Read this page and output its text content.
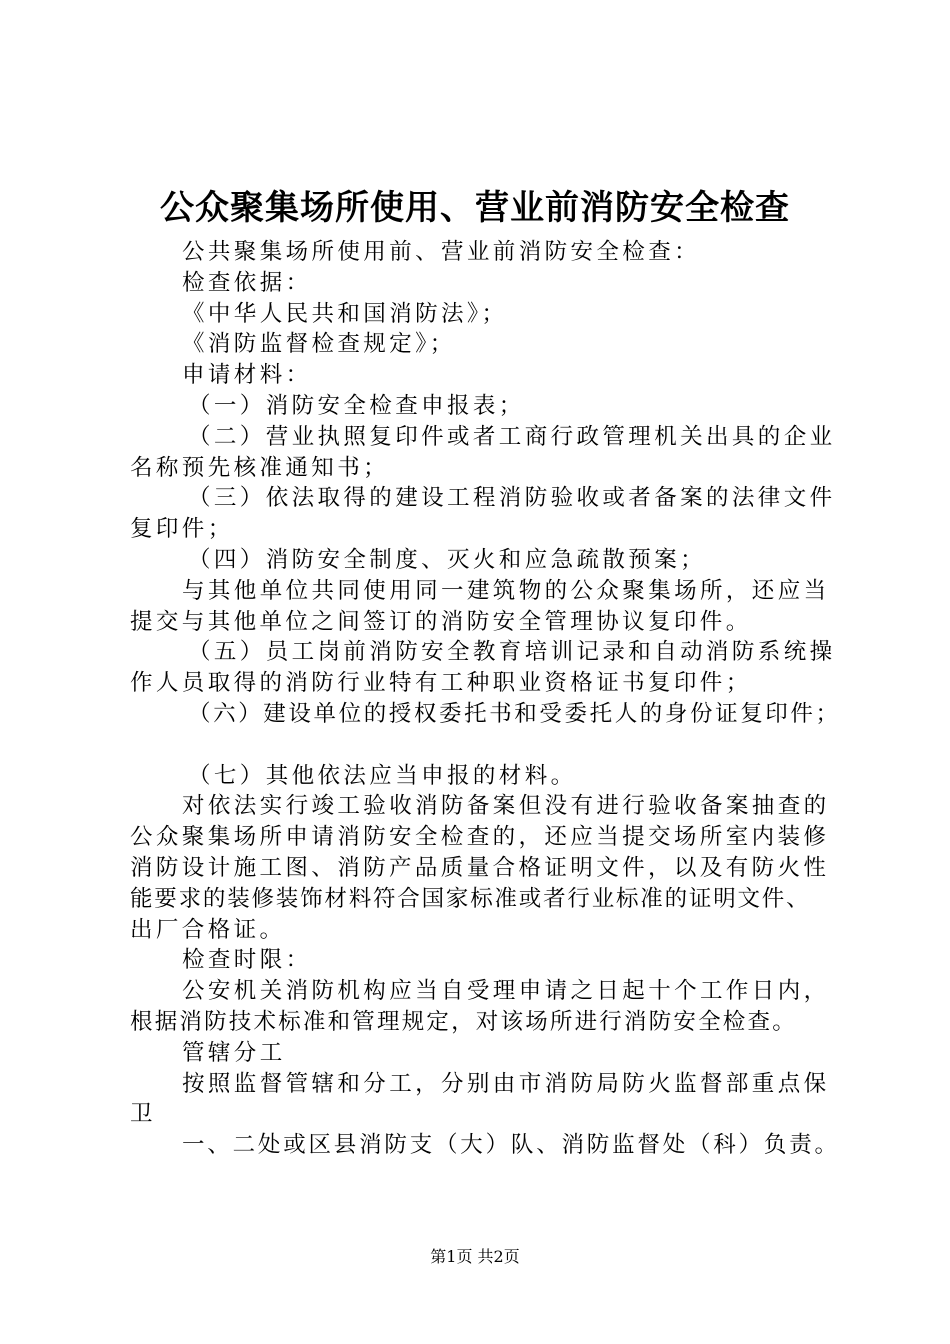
公众聚集场所使用、营业前消防安全检查

公共聚集场所使用前、营业前消防安全检查：

检查依据：

《中华人民共和国消防法》；

《消防监督检查规定》；

申请材料：

（一）消防安全检查申报表；

（二）营业执照复印件或者工商行政管理机关出具的企业

名称预先核准通知书；

（三）依法取得的建设工程消防验收或者备案的法律文件

复印件；

（四）消防安全制度、灭火和应急疏散预案；

与其他单位共同使用同一建筑物的公众聚集场所，还应当

提交与其他单位之间签订的消防安全管理协议复印件。

（五）员工岗前消防安全教育培训记录和自动消防系统操

作人员取得的消防行业特有工种职业资格证书复印件；

（六）建设单位的授权委托书和受委托人的身份证复印件；

（七）其他依法应当申报的材料。

对依法实行竣工验收消防备案但没有进行验收备案抽查的

公众聚集场所申请消防安全检查的，还应当提交场所室内装修

消防设计施工图、消防产品质量合格证明文件，以及有防火性

能要求的装修装饰材料符合国家标准或者行业标准的证明文件、

出厂合格证。

检查时限：

公安机关消防机构应当自受理申请之日起十个工作日内，

根据消防技术标准和管理规定，对该场所进行消防安全检查。

管辖分工

按照监督管辖和分工，分别由市消防局防火监督部重点保

卫

一、二处或区县消防支（大）队、消防监督处（科）负责。

第1页 共2页
